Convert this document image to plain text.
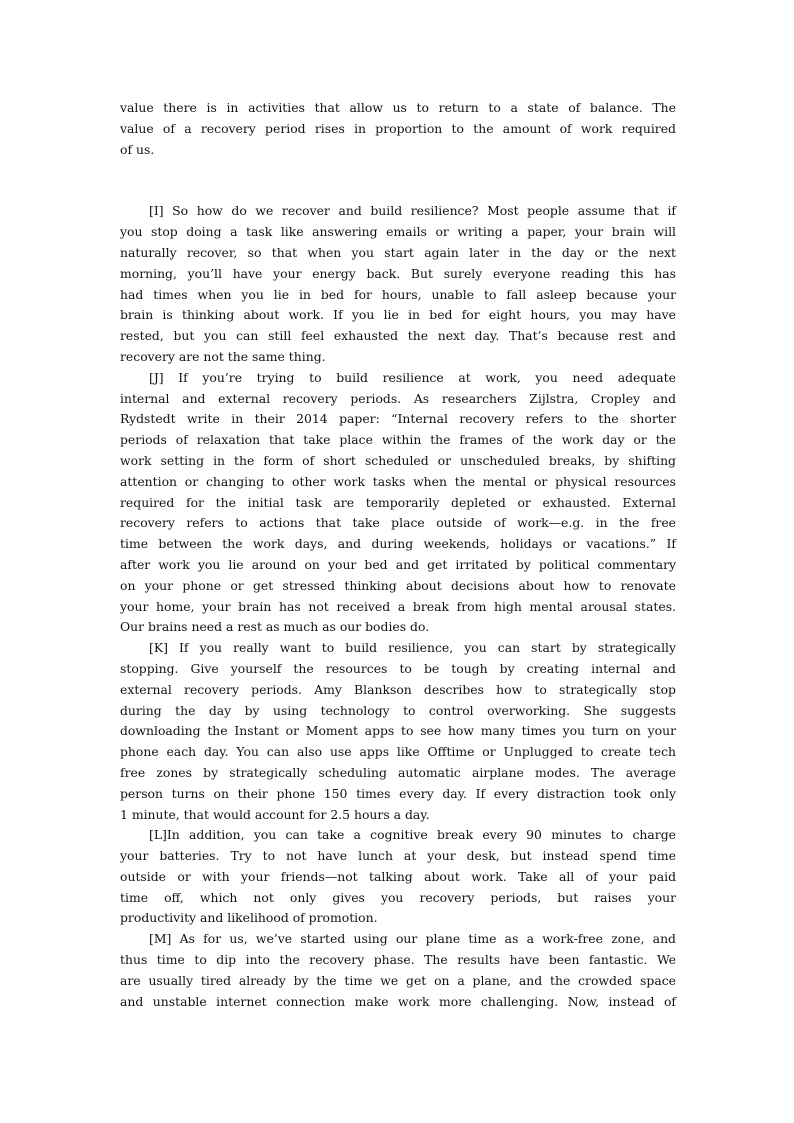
value there is in activities that allow us to return to a state of balance. The
value of a recovery period rises in proportion to the amount of work required
of us.
[I] So how do we recover and build resilience? Most people assume that if
you stop doing a task like answering emails or writing a paper, your brain will
naturally recover, so that when you start again later in the day or the next
morning, you’ll have your energy back. But surely everyone reading this has
had times when you lie in bed for hours, unable to fall asleep because your
brain is thinking about work. If you lie in bed for eight hours, you may have
rested, but you can still feel exhausted the next day. That’s because rest and
recovery are not the same thing.
[J] If you’re trying to build resilience at work, you need adequate
internal and external recovery periods. As researchers Zijlstra, Cropley and
Rydstedt write in their 2014 paper: “Internal recovery refers to the shorter
periods of relaxation that take place within the frames of the work day or the
work setting in the form of short scheduled or unscheduled breaks, by shifting
attention or changing to other work tasks when the mental or physical resources
required for the initial task are temporarily depleted or exhausted. External
recovery refers to actions that take place outside of work—e.g. in the free
time between the work days, and during weekends, holidays or vacations.” If
after work you lie around on your bed and get irritated by political commentary
on your phone or get stressed thinking about decisions about how to renovate
your home, your brain has not received a break from high mental arousal states.
Our brains need a rest as much as our bodies do.
[K] If you really want to build resilience, you can start by strategically
stopping. Give yourself the resources to be tough by creating internal and
external recovery periods. Amy Blankson describes how to strategically stop
during the day by using technology to control overworking. She suggests
downloading the Instant or Moment apps to see how many times you turn on your
phone each day. You can also use apps like Offtime or Unplugged to create tech
free zones by strategically scheduling automatic airplane modes. The average
person turns on their phone 150 times every day. If every distraction took only
1 minute, that would account for 2.5 hours a day.
[L]In addition, you can take a cognitive break every 90 minutes to charge
your batteries. Try to not have lunch at your desk, but instead spend time
outside or with your friends—not talking about work. Take all of your paid
time off, which not only gives you recovery periods, but raises your
productivity and likelihood of promotion.
[M] As for us, we’ve started using our plane time as a work-free zone, and
thus time to dip into the recovery phase. The results have been fantastic. We
are usually tired already by the time we get on a plane, and the crowded space
and unstable internet connection make work more challenging. Now, instead of
